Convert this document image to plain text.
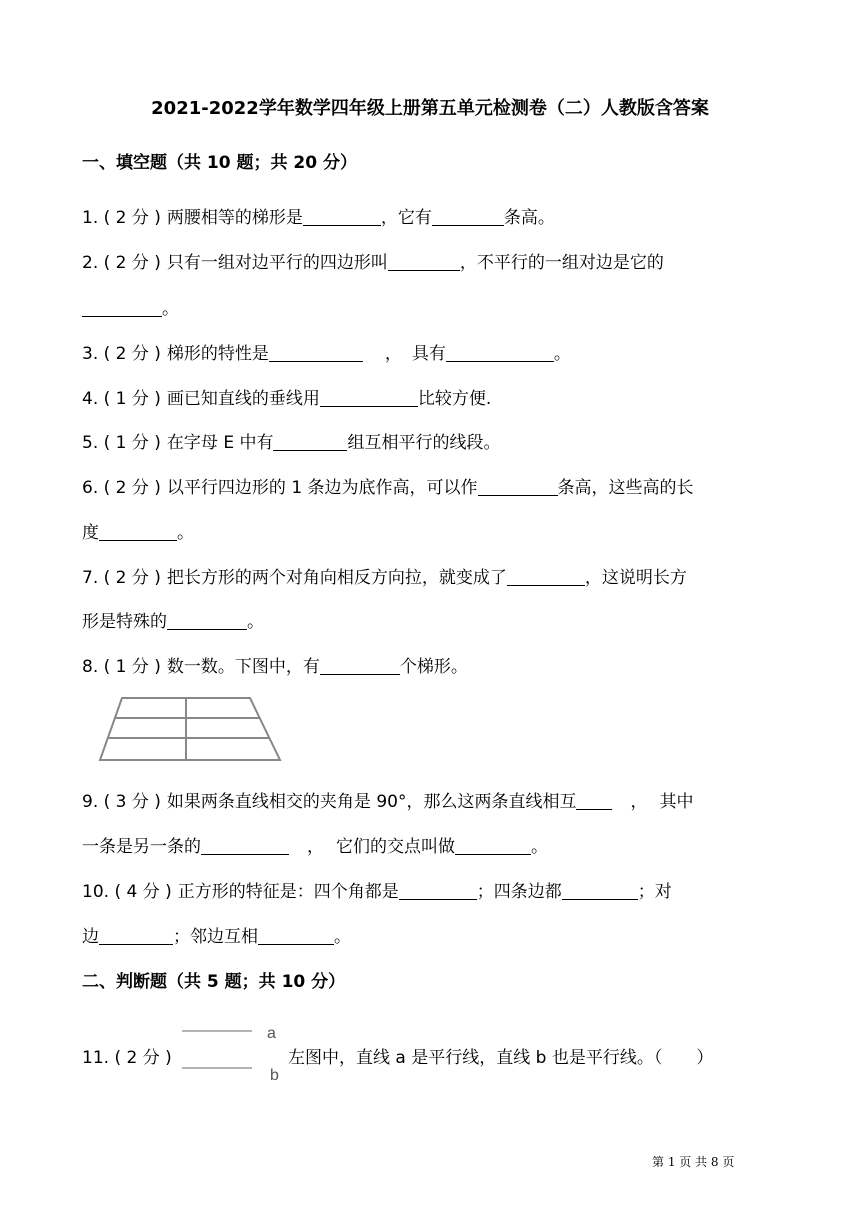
2021-2022学年数学四年级上册第五单元检测卷（二）人教版含答案
一、填空题（共 10 题；共 20 分）
1. ( 2 分 ) 两腰相等的梯形是	，它有	条高。
2. ( 2 分 ) 只有一组对边平行的四边形叫	，不平行的一组对边是它的
。
3. ( 2 分 ) 梯形的特性是	， 具有	。
4. ( 1 分 ) 画已知直线的垂线用	比较方便.
5. ( 1 分 ) 在字母 E 中有	组互相平行的线段。
6. ( 2 分 ) 以平行四边形的 1 条边为底作高，可以作	条高，这些高的长
度	。
7. ( 2 分 ) 把长方形的两个对角向相反方向拉，就变成了	，这说明长方
形是特殊的	。
8. ( 1 分 ) 数一数。下图中，有	个梯形。
9. ( 3 分 ) 如果两条直线相交的夹角是 90°，那么这两条直线相互	， 其中
一条是另一条的	， 它们的交点叫做	。
10. ( 4 分 ) 正方形的特征是：四个角都是	；四条边都	；对
边	；邻边互相	。
二、判断题（共 5 题；共 10 分）
11. ( 2 分 )
a
b
左图中，直线 a 是平行线，直线 b 也是平行线。（　　）
第 1 页 共 8 页
